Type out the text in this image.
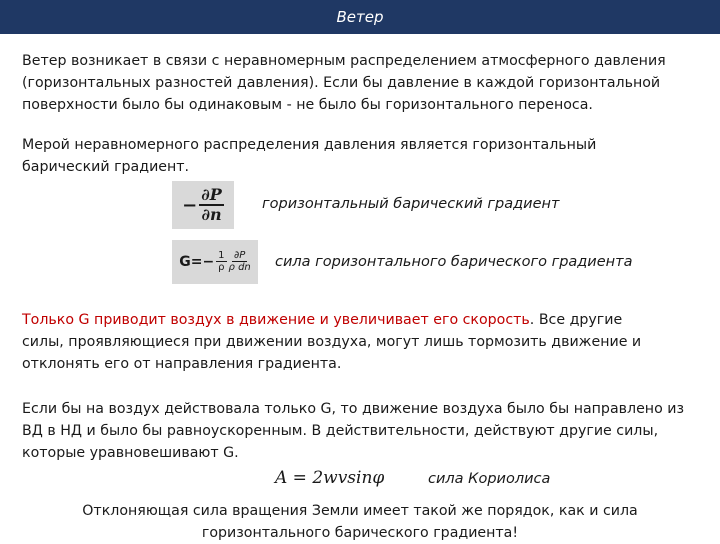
Ветер
Ветер возникает в связи с неравномерным распределением атмосферного давления
(горизонтальных разностей давления). Если бы давление в каждой горизонтальной
поверхности было бы одинаковым - не было бы горизонтального переноса.
Мерой неравномерного распределения давления является горизонтальный
барический градиент.
− $\frac{\partial P}{\partial n}$	горизонтальный барический градиент
$G=- \frac{1}{\rho} \frac{\partial P}{\text{ρ dn}}$ сила горизонтального барического градиента
Только G приводит воздух в движение и увеличивает его скорость. Все другие
силы, проявляющиеся при движении воздуха, могут лишь тормозить движение и
отклонять его от направления градиента.
Если бы на воздух действовала только G, то движение воздуха было бы направлено из
ВД в НД и было бы равноускоренным. В действительности, действуют другие силы,
которые уравновешивают G.
A = 2wvsinφ	сила Кориолиса
Отклоняющая сила вращения Земли имеет такой же порядок, как и сила
горизонтального барического градиента!
